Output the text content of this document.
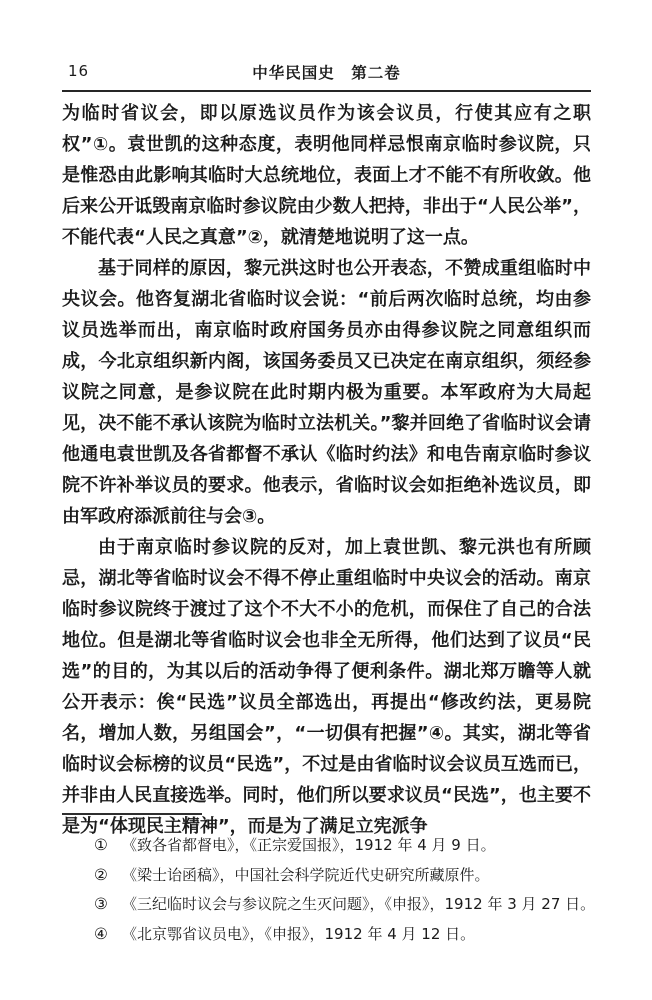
16	中华民国史　第二卷

为临时省议会，即以原选议员作为该会议员，行使其应有之职权”①。袁世凯的这种态度，表明他同样忌恨南京临时参议院，只是惟恐由此影响其临时大总统地位，表面上才不能不有所收敛。他后来公开诋毁南京临时参议院由少数人把持，非出于“人民公举”，不能代表“人民之真意”②，就清楚地说明了这一点。

基于同样的原因，黎元洪这时也公开表态，不赞成重组临时中央议会。他咨复湖北省临时议会说：“前后两次临时总统，均由参议员选举而出，南京临时政府国务员亦由得参议院之同意组织而成，今北京组织新内阁，该国务委员又已决定在南京组织，须经参议院之同意，是参议院在此时期内极为重要。本军政府为大局起见，决不能不承认该院为临时立法机关。”黎并回绝了省临时议会请他通电袁世凯及各省都督不承认《临时约法》和电告南京临时参议院不许补举议员的要求。他表示，省临时议会如拒绝补选议员，即由军政府添派前往与会③。

由于南京临时参议院的反对，加上袁世凯、黎元洪也有所顾忌，湖北等省临时议会不得不停止重组临时中央议会的活动。南京临时参议院终于渡过了这个不大不小的危机，而保住了自己的合法地位。但是湖北等省临时议会也非全无所得，他们达到了议员“民选”的目的，为其以后的活动争得了便利条件。湖北郑万瞻等人就公开表示：俟“民选”议员全部选出，再提出“修改约法，更易院名，增加人数，另组国会”，“一切俱有把握”④。其实，湖北等省临时议会标榜的议员“民选”，不过是由省临时议会议员互选而已，并非由人民直接选举。同时，他们所以要求议员“民选”，也主要不是为“体现民主精神”，而是为了满足立宪派争

① 《致各省都督电》，《正宗爱国报》，1912 年 4 月 9 日。
② 《梁士诒函稿》，中国社会科学院近代史研究所藏原件。
③ 《三纪临时议会与参议院之生灭问题》，《申报》，1912 年 3 月 27 日。
④ 《北京鄂省议员电》，《申报》，1912 年 4 月 12 日。
